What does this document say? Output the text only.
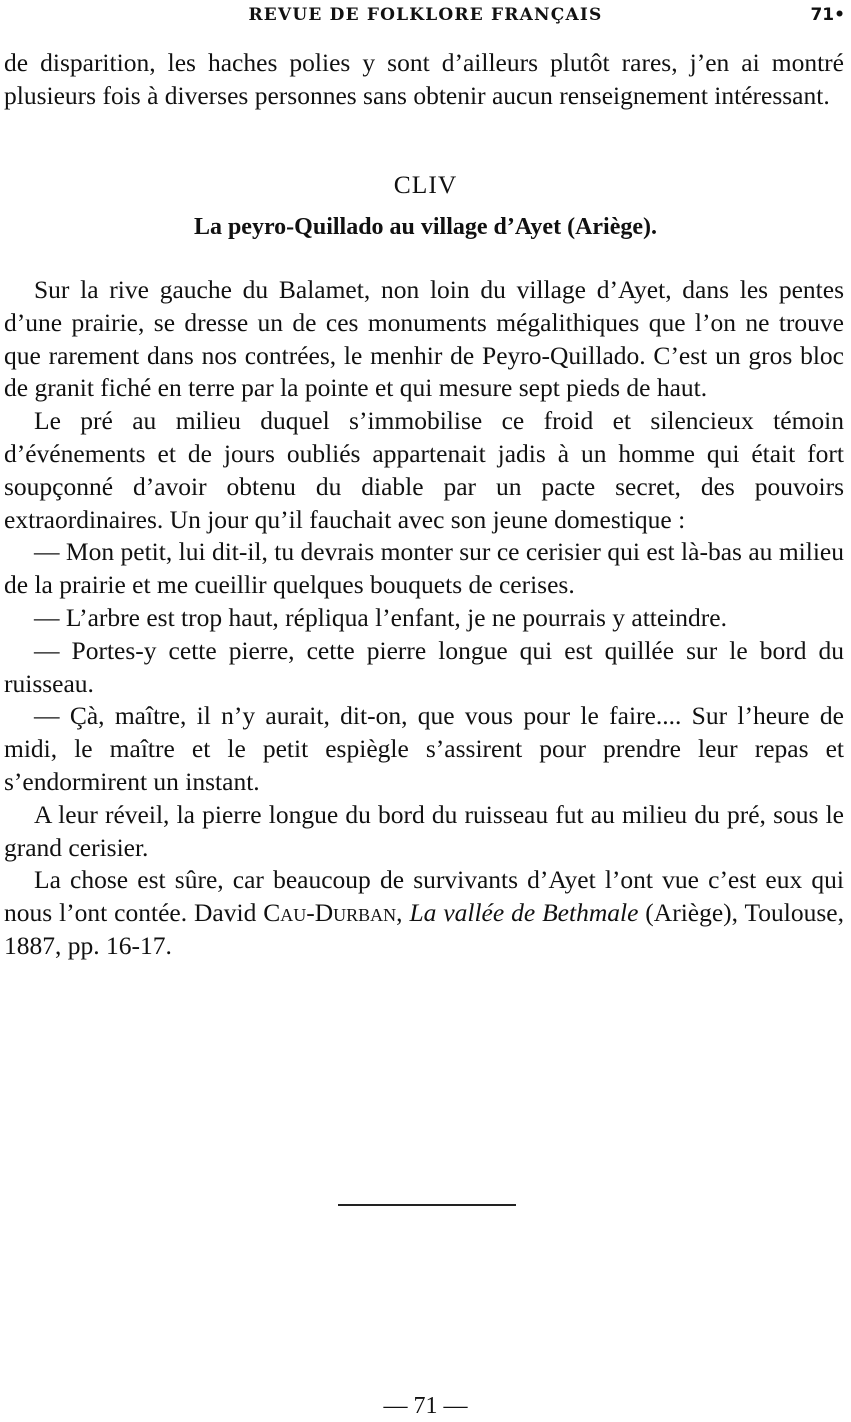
REVUE DE FOLKLORE FRANÇAIS	71•

de disparition, les haches polies y sont d’ailleurs plutôt rares, j’en ai montré plusieurs fois à diverses personnes sans obtenir aucun renseignement intéressant.

CLIV
La peyro-Quillado au village d’Ayet (Ariège).

Sur la rive gauche du Balamet, non loin du village d’Ayet, dans les pentes d’une prairie, se dresse un de ces monuments mégalithiques que l’on ne trouve que rarement dans nos contrées, le menhir de Peyro-Quillado. C’est un gros bloc de granit fiché en terre par la pointe et qui mesure sept pieds de haut.

Le pré au milieu duquel s’immobilise ce froid et silencieux témoin d’événements et de jours oubliés appartenait jadis à un homme qui était fort soupçonné d’avoir obtenu du diable par un pacte secret, des pouvoirs extraordinaires. Un jour qu’il fauchait avec son jeune domestique :

— Mon petit, lui dit-il, tu devrais monter sur ce cerisier qui est là-bas au milieu de la prairie et me cueillir quelques bouquets de cerises.

— L’arbre est trop haut, répliqua l’enfant, je ne pourrais y atteindre.

— Portes-y cette pierre, cette pierre longue qui est quillée sur le bord du ruisseau.

— Çà, maître, il n’y aurait, dit-on, que vous pour le faire.... Sur l’heure de midi, le maître et le petit espiègle s’assirent pour prendre leur repas et s’endormirent un instant.

A leur réveil, la pierre longue du bord du ruisseau fut au milieu du pré, sous le grand cerisier.

La chose est sûre, car beaucoup de survivants d’Ayet l’ont vue c’est eux qui nous l’ont contée. David Cau-Durban, La vallée de Bethmale (Ariège), Toulouse, 1887, pp. 16-17.

— 71 —
